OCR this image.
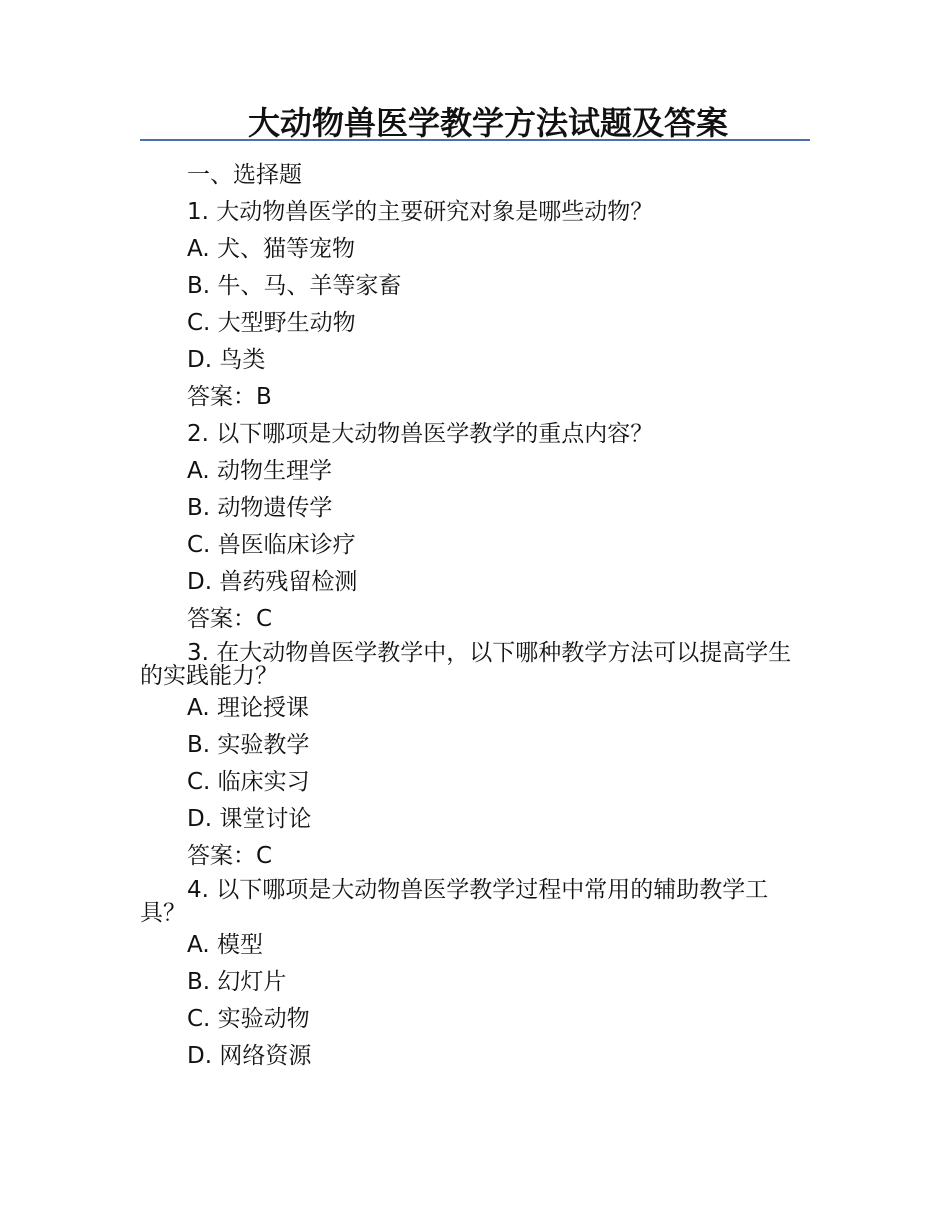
大动物兽医学教学方法试题及答案
一、选择题
1. 大动物兽医学的主要研究对象是哪些动物？
A. 犬、猫等宠物
B. 牛、马、羊等家畜
C. 大型野生动物
D. 鸟类
答案：B
2. 以下哪项是大动物兽医学教学的重点内容？
A. 动物生理学
B. 动物遗传学
C. 兽医临床诊疗
D. 兽药残留检测
答案：C
3. 在大动物兽医学教学中，以下哪种教学方法可以提高学生的实践能力？
A. 理论授课
B. 实验教学
C. 临床实习
D. 课堂讨论
答案：C
4. 以下哪项是大动物兽医学教学过程中常用的辅助教学工具？
A. 模型
B. 幻灯片
C. 实验动物
D. 网络资源
